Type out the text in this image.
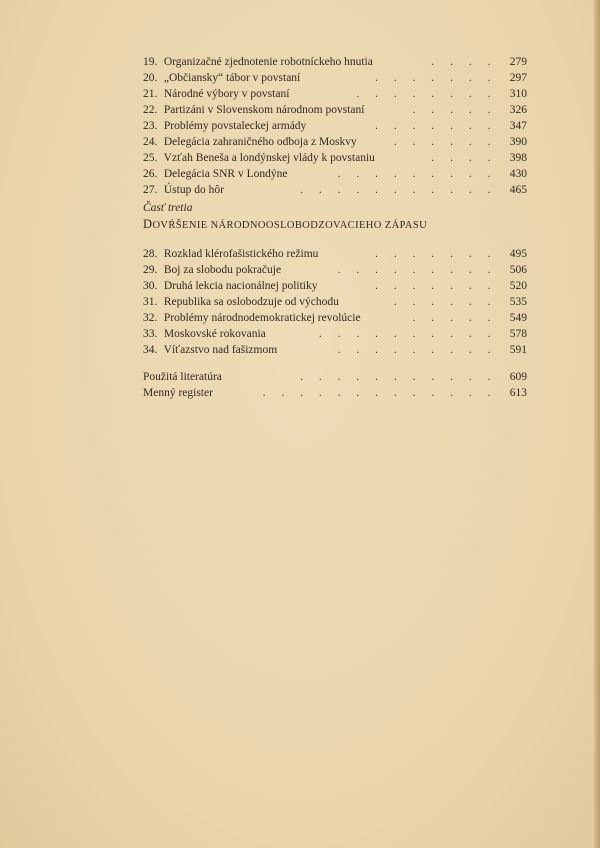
19. Organizačné zjednotenie robotníckeho hnutia	. . . . 279
20. „Občiansky“ tábor v povstaní	. . . . . . . 297
21. Národné výbory v povstaní	. . . . . . . . 310
22. Partizáni v Slovenskom národnom povstaní	. . . . . 326
23. Problémy povstaleckej armády	. . . . . . . 347
24. Delegácia zahraničného odboja z Moskvy	. . . . . . 390
25. Vzťah Beneša a londýnskej vlády k povstaniu	. . . . 398
26. Delegácia SNR v Londýne	. . . . . . . . . 430
27. Ústup do hôr	. . . . . . . . . . . 465
Časť tretia
DOVŔŠENIE NÁRODNOOSLOBODZOVACIEHO ZÁPASU
28. Rozklad klérofašistického režimu	. . . . . . . 495
29. Boj za slobodu pokračuje	. . . . . . . . . 506
30. Druhá lekcia nacionálnej politiky	. . . . . . . 520
31. Republika sa oslobodzuje od východu	. . . . . . 535
32. Problémy národnodemokratickej revolúcie	. . . . . 549
33. Moskovské rokovania	. . . . . . . . . . 578
34. Víťazstvo nad fašizmom	. . . . . . . . . 591
Použitá literatúra	. . . . . . . . . . . 609
Menný register	. . . . . . . . . . . . . 613
